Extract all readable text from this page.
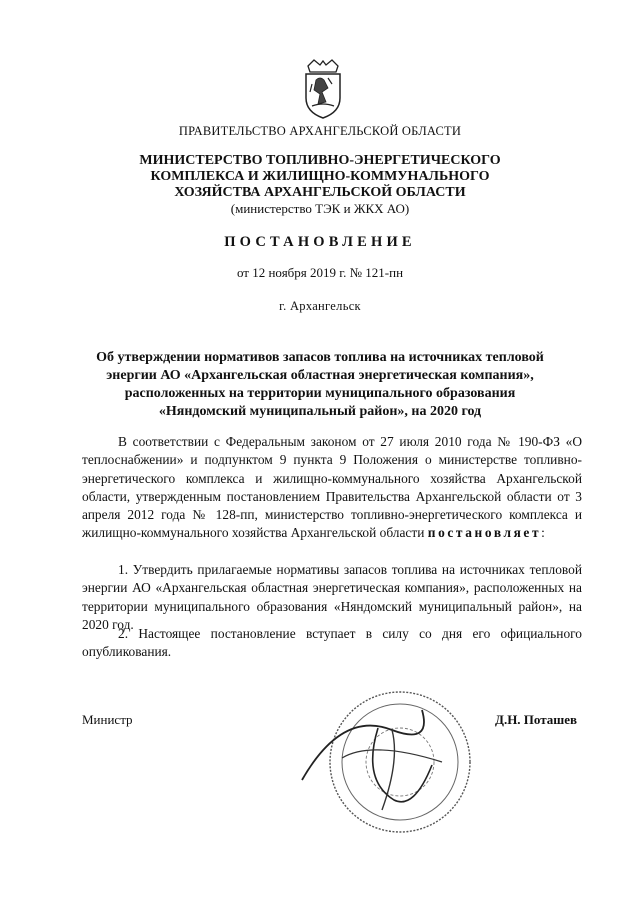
ПРАВИТЕЛЬСТВО АРХАНГЕЛЬСКОЙ ОБЛАСТИ
МИНИСТЕРСТВО ТОПЛИВНО-ЭНЕРГЕТИЧЕСКОГО
КОМПЛЕКСА И ЖИЛИЩНО-КОММУНАЛЬНОГО
ХОЗЯЙСТВА АРХАНГЕЛЬСКОЙ ОБЛАСТИ
(министерство ТЭК и ЖКХ АО)
ПОСТАНОВЛЕНИЕ
от 12 ноября 2019 г. № 121-пн
г. Архангельск
Об утверждении нормативов запасов топлива на источниках тепловой
энергии АО «Архангельская областная энергетическая компания»,
расположенных на территории муниципального образования
«Няндомский муниципальный район», на 2020 год
В соответствии с Федеральным законом от 27 июля 2010 года № 190-ФЗ «О теплоснабжении» и подпунктом 9 пункта 9 Положения о министерстве топливно-энергетического комплекса и жилищно-коммунального хозяйства Архангельской области, утвержденным постановлением Правительства Архангельской области от 3 апреля 2012 года № 128-пп, министерство топливно-энергетического комплекса и жилищно-коммунального хозяйства Архангельской области постановляет:
1. Утвердить прилагаемые нормативы запасов топлива на источниках тепловой энергии АО «Архангельская областная энергетическая компания», расположенных на территории муниципального образования «Няндомский муниципальный район», на 2020 год.
2. Настоящее постановление вступает в силу со дня его официального опубликования.
Министр	Д.Н. Поташев
